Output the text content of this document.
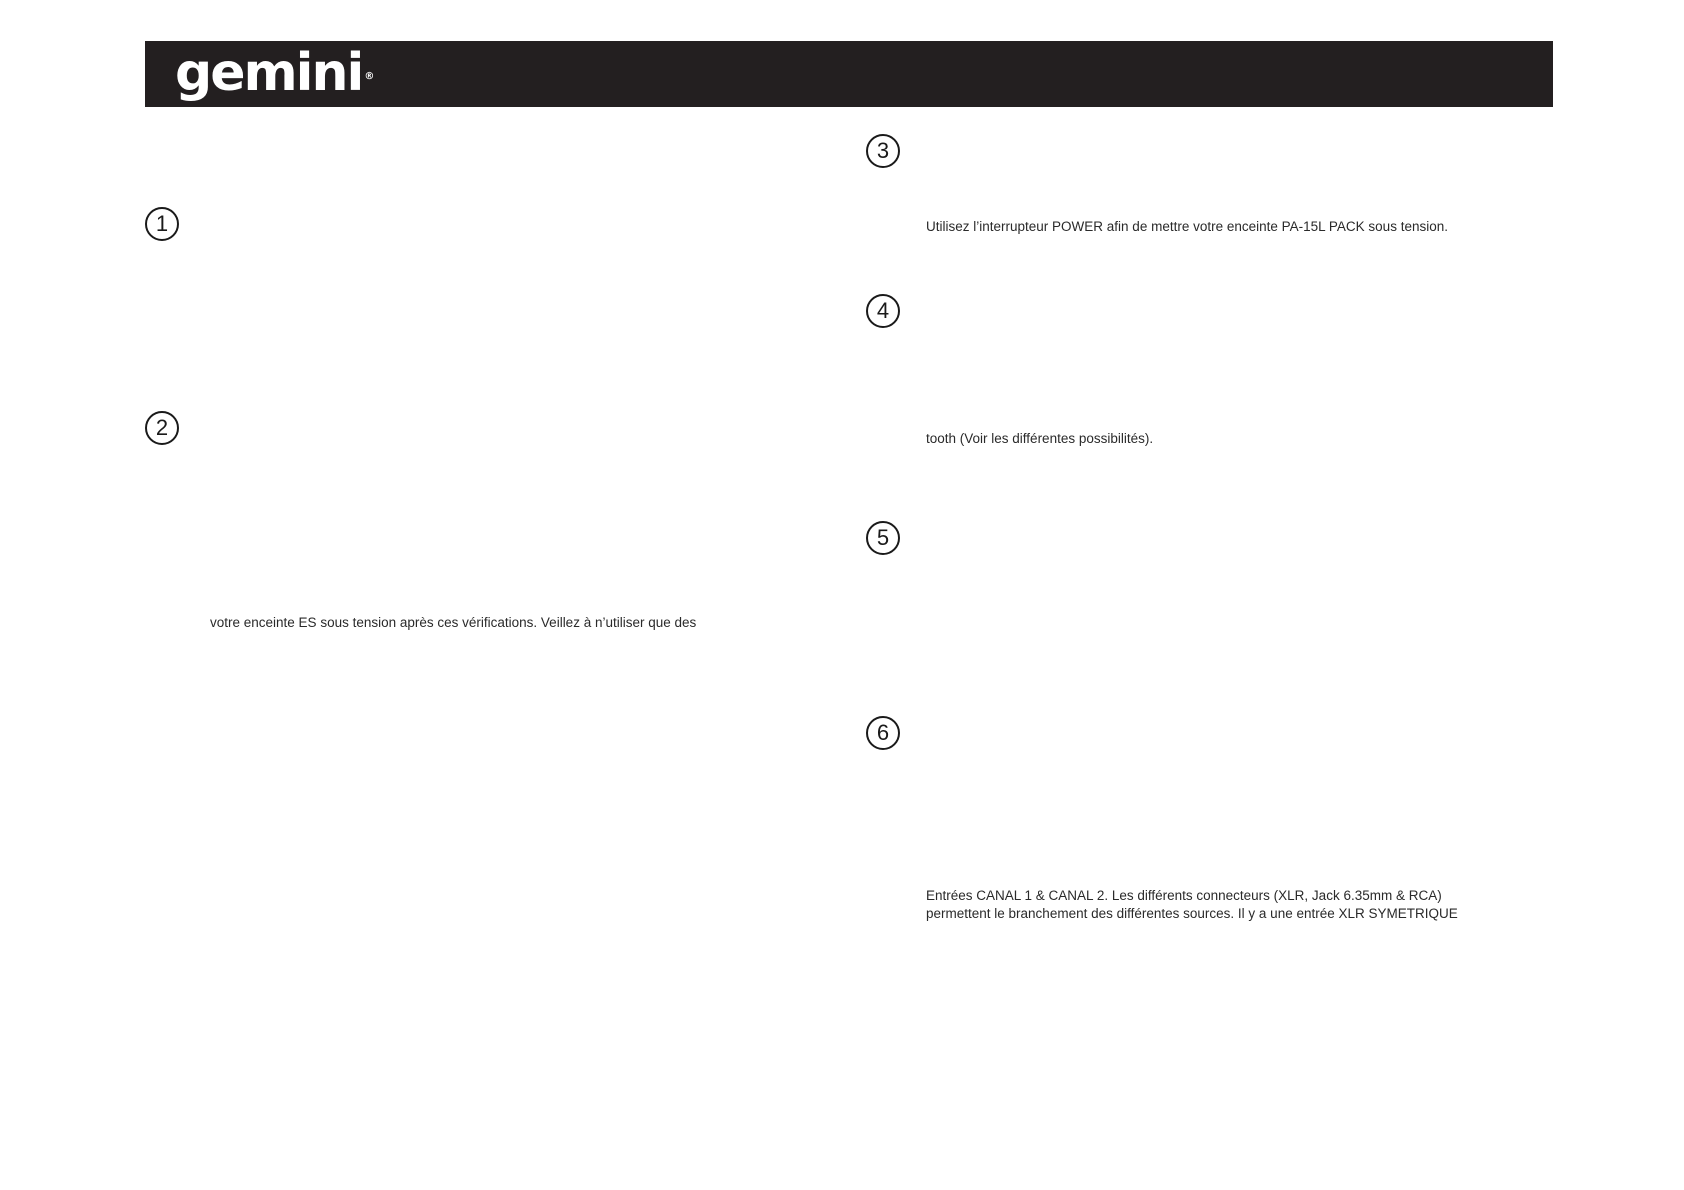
gemini ®
1
2
votre enceinte ES sous tension après ces vérifications. Veillez à n’utiliser que des
3
Utilisez l’interrupteur POWER afin de mettre votre enceinte PA-15L PACK sous tension.
4
tooth (Voir les différentes possibilités).
5
6
Entrées CANAL 1 & CANAL 2. Les différents connecteurs (XLR, Jack 6.35mm & RCA)
permettent le branchement des différentes sources. Il y a une entrée XLR SYMETRIQUE
